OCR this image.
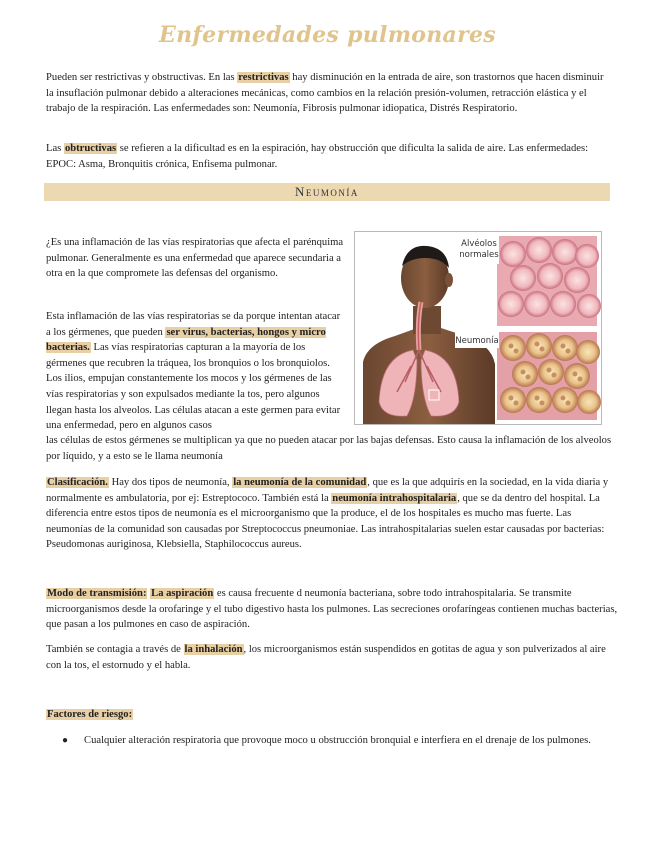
Enfermedades pulmonares

Pueden ser restrictivas y obstructivas. En las restrictivas hay disminución en la entrada de aire, son trastornos que hacen disminuir la insuflación pulmonar debido a alteraciones mecánicas, como cambios en la relación presión-volumen, retracción elástica y el trabajo de la respiración. Las enfermedades son: Neumonía, Fibrosis pulmonar idiopatica, Distrés Respiratorio.

Las obtructivas se refieren a la dificultad es en la espiración, hay obstrucción que dificulta la salida de aire. Las enfermedades: EPOC: Asma, Bronquitis crónica, Enfisema pulmonar.

Neumonía
Alvéolos
normales
Neumonía

¿Es una inflamación de las vías respiratorias que afecta el parénquima pulmonar. Generalmente es una enfermedad que aparece secundaria a otra en la que compromete las defensas del organismo.

Esta inflamación de las vías respiratorias se da porque intentan atacar a los gérmenes, que pueden ser virus, bacterias, hongos y micro bacterias. Las vías respiratorias capturan a la mayoría de los gérmenes que recubren la tráquea, los bronquios o los bronquiolos. Los ilios, empujan constantemente los mocos y los gérmenes de las vías respiratorias y son expulsados mediante la tos, pero algunos llegan hasta los alveolos. Las células atacan a este germen para evitar una enfermedad, pero en algunos casos

las células de estos gérmenes se multiplican ya que no pueden atacar por las bajas defensas. Esto causa la inflamación de los alveolos por líquido, y a esto se le llama neumonía

Clasificación. Hay dos tipos de neumonía, la neumonía de la comunidad, que es la que adquirís en la sociedad, en la vida diaria y normalmente es ambulatoria, por ej: Estreptococo. También está la neumonía intrahospitalaria, que se da dentro del hospital. La diferencia entre estos tipos de neumonía es el microorganismo que la produce, el de los hospitales es mucho mas fuerte. Las neumonías de la comunidad son causadas por Streptococcus pneumoniae. Las intrahospitalarias suelen estar causadas por bacterias: Pseudomonas auriginosa, Klebsiella, Staphilococcus aureus.

Modo de transmisión: La aspiración es causa frecuente d neumonía bacteriana, sobre todo intrahospitalaria. Se transmite microorganismos desde la orofaringe y el tubo digestivo hasta los pulmones. Las secreciones orofaríngeas contienen muchas bacterias, que pasan a los pulmones en caso de aspiración.

También se contagia a través de la inhalación, los microorganismos están suspendidos en gotitas de agua y son pulverizados al aire con la tos, el estornudo y el habla.

Factores de riesgo:

●	Cualquier alteración respiratoria que provoque moco u obstrucción bronquial e interfiera en el drenaje de los pulmones.
